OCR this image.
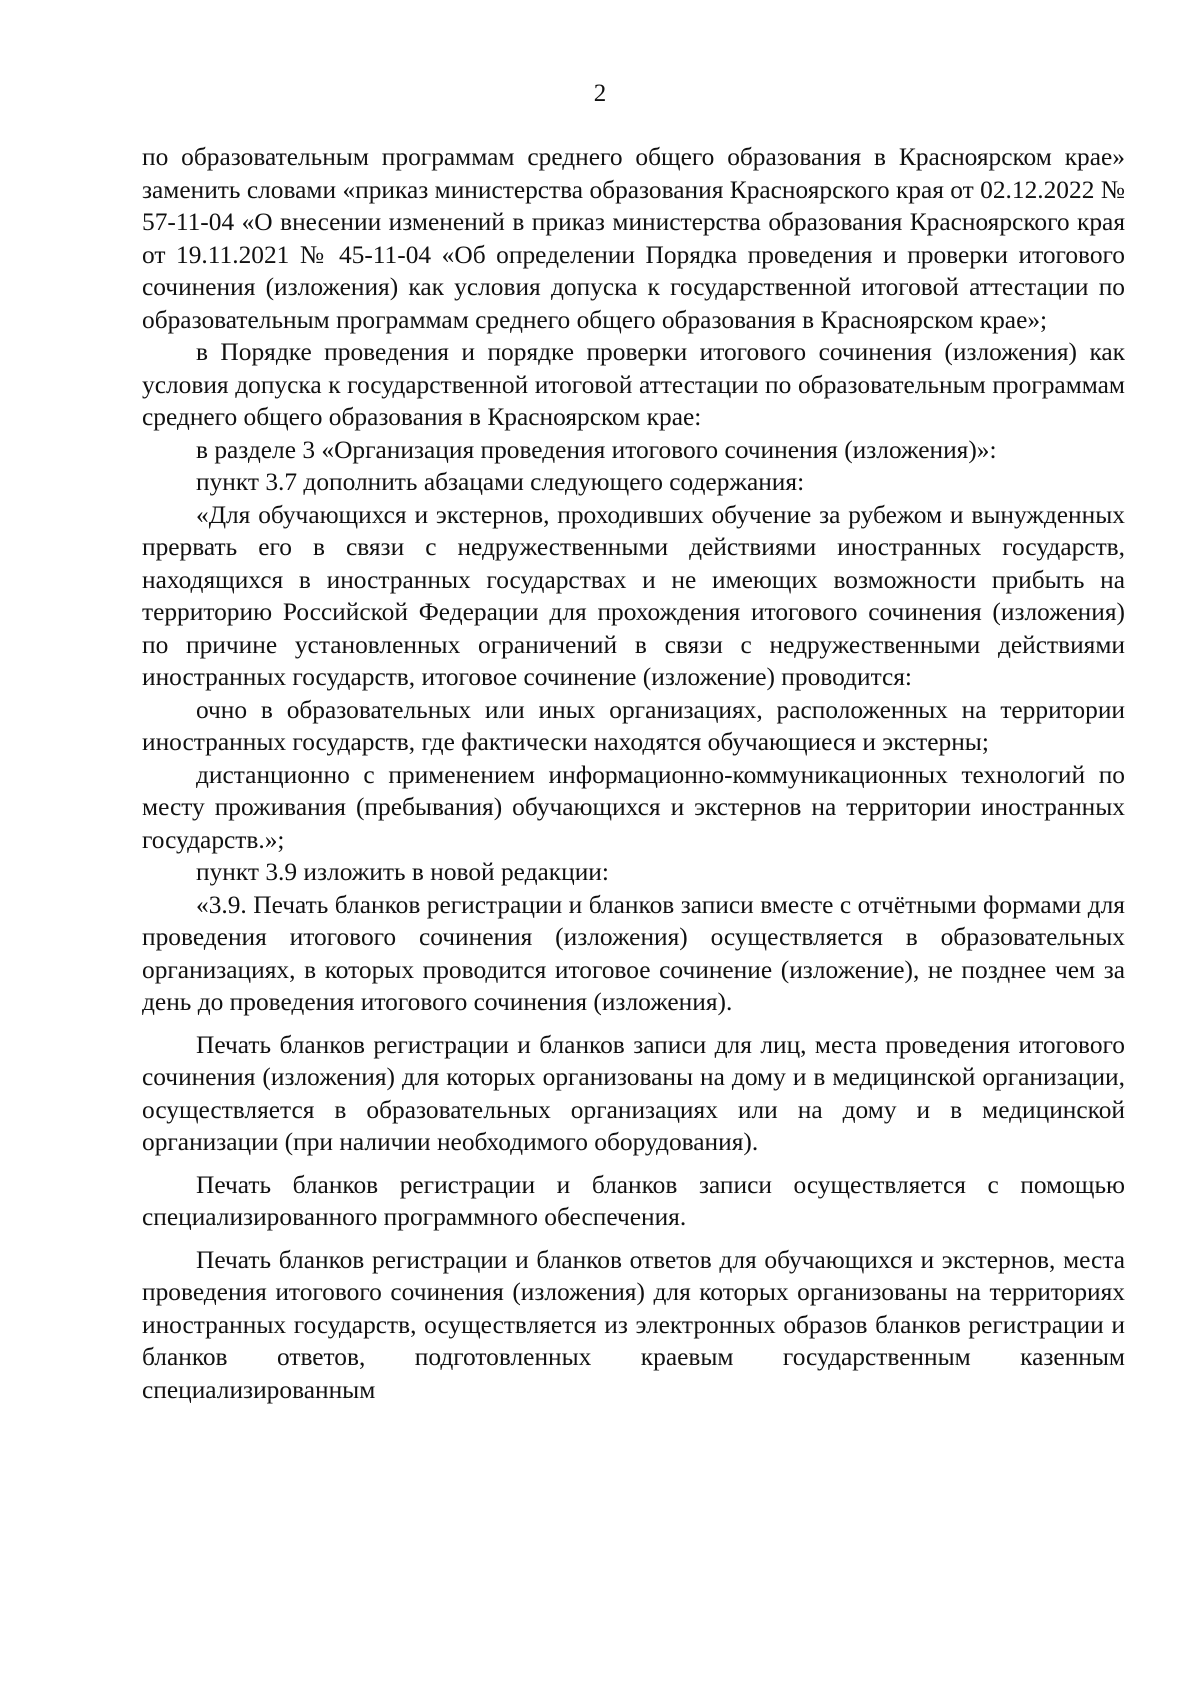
2

по образовательным программам среднего общего образования в Красноярском крае» заменить словами «приказ министерства образования Красноярского края от 02.12.2022 № 57-11-04 «О внесении изменений в приказ министерства образования Красноярского края от 19.11.2021 № 45-11-04 «Об определении Порядка проведения и проверки итогового сочинения (изложения) как условия допуска к государственной итоговой аттестации по образовательным программам среднего общего образования в Красноярском крае»;

в Порядке проведения и порядке проверки итогового сочинения (изложения) как условия допуска к государственной итоговой аттестации по образовательным программам среднего общего образования в Красноярском крае:

в разделе 3 «Организация проведения итогового сочинения (изложения)»:

пункт 3.7 дополнить абзацами следующего содержания:

«Для обучающихся и экстернов, проходивших обучение за рубежом и вынужденных прервать его в связи с недружественными действиями иностранных государств, находящихся в иностранных государствах и не имеющих возможности прибыть на территорию Российской Федерации для прохождения итогового сочинения (изложения) по причине установленных ограничений в связи с недружественными действиями иностранных государств, итоговое сочинение (изложение) проводится:

очно в образовательных или иных организациях, расположенных на территории иностранных государств, где фактически находятся обучающиеся и экстерны;

дистанционно с применением информационно-коммуникационных технологий по месту проживания (пребывания) обучающихся и экстернов на территории иностранных государств.»;

пункт 3.9 изложить в новой редакции:

«3.9. Печать бланков регистрации и бланков записи вместе с отчётными формами для проведения итогового сочинения (изложения) осуществляется в образовательных организациях, в которых проводится итоговое сочинение (изложение), не позднее чем за день до проведения итогового сочинения (изложения).

Печать бланков регистрации и бланков записи для лиц, места проведения итогового сочинения (изложения) для которых организованы на дому и в медицинской организации, осуществляется в образовательных организациях или на дому и в медицинской организации (при наличии необходимого оборудования).

Печать бланков регистрации и бланков записи осуществляется с помощью специализированного программного обеспечения.

Печать бланков регистрации и бланков ответов для обучающихся и экстернов, места проведения итогового сочинения (изложения) для которых организованы на территориях иностранных государств, осуществляется из электронных образов бланков регистрации и бланков ответов, подготовленных краевым государственным казенным специализированным
